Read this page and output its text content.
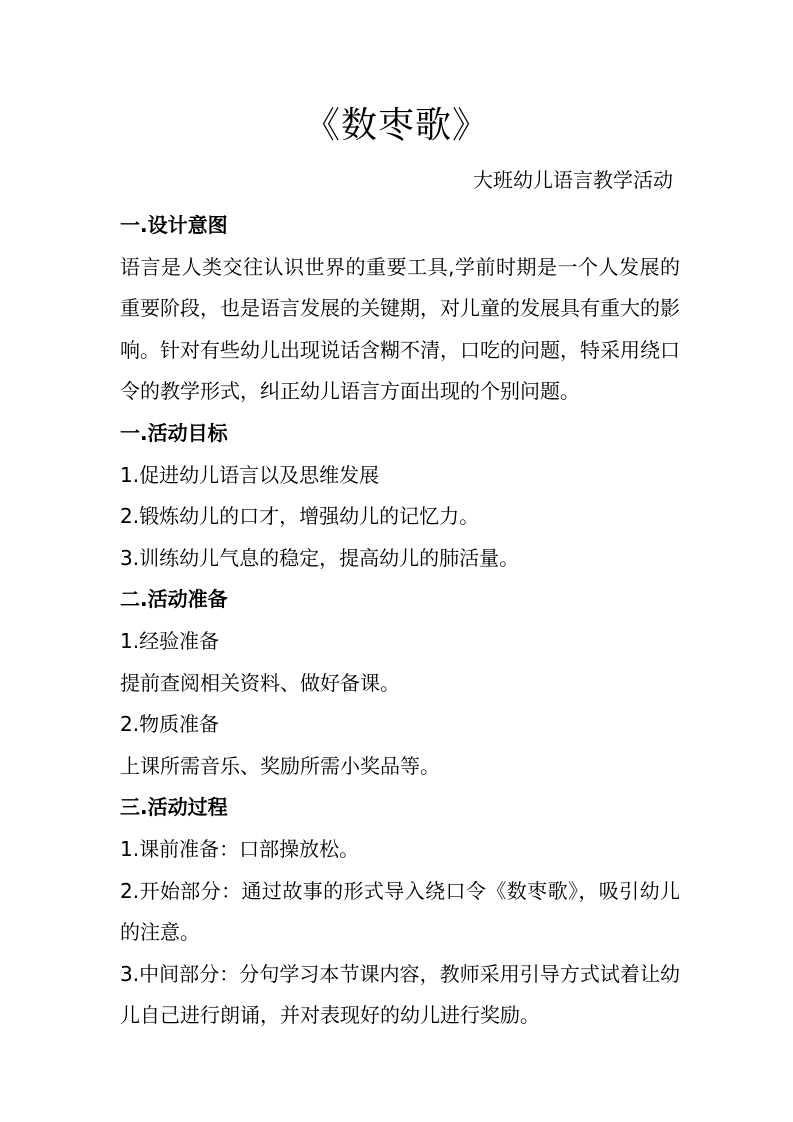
《数枣歌》

大班幼儿语言教学活动

一.设计意图

语言是人类交往认识世界的重要工具,学前时期是一个人发展的重要阶段，也是语言发展的关键期，对儿童的发展具有重大的影响。针对有些幼儿出现说话含糊不清，口吃的问题，特采用绕口令的教学形式，纠正幼儿语言方面出现的个别问题。

一.活动目标

1.促进幼儿语言以及思维发展

2.锻炼幼儿的口才，增强幼儿的记忆力。

3.训练幼儿气息的稳定，提高幼儿的肺活量。

二.活动准备

1.经验准备

提前查阅相关资料、做好备课。

2.物质准备

上课所需音乐、奖励所需小奖品等。

三.活动过程

1.课前准备：口部操放松。

2.开始部分：通过故事的形式导入绕口令《数枣歌》，吸引幼儿的注意。

3.中间部分：分句学习本节课内容，教师采用引导方式试着让幼儿自己进行朗诵，并对表现好的幼儿进行奖励。
